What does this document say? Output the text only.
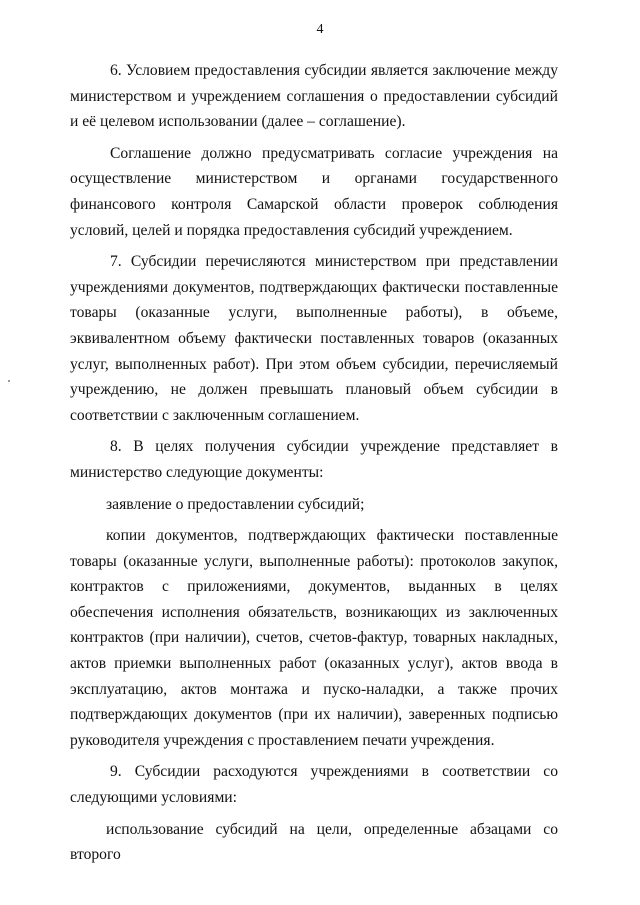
4

6. Условием предоставления субсидии является заключение между министерством и учреждением соглашения о предоставлении субсидий и её целевом использовании (далее – соглашение).

Соглашение должно предусматривать согласие учреждения на осуществление министерством и органами государственного финансового контроля Самарской области проверок соблюдения условий, целей и порядка предоставления субсидий учреждением.

7. Субсидии перечисляются министерством при представлении учреждениями документов, подтверждающих фактически поставленные товары (оказанные услуги, выполненные работы), в объеме, эквивалентном объему фактически поставленных товаров (оказанных услуг, выполненных работ). При этом объем субсидии, перечисляемый учреждению, не должен превышать плановый объем субсидии в соответствии с заключенным соглашением.

8. В целях получения субсидии учреждение представляет в министерство следующие документы:

заявление о предоставлении субсидий;

копии документов, подтверждающих фактически поставленные товары (оказанные услуги, выполненные работы): протоколов закупок, контрактов с приложениями, документов, выданных в целях обеспечения исполнения обязательств, возникающих из заключенных контрактов (при наличии), счетов, счетов-фактур, товарных накладных, актов приемки выполненных работ (оказанных услуг), актов ввода в эксплуатацию, актов монтажа и пуско-наладки, а также прочих подтверждающих документов (при их наличии), заверенных подписью руководителя учреждения с проставлением печати учреждения.

9. Субсидии расходуются учреждениями в соответствии со следующими условиями:

использование субсидий на цели, определенные абзацами со второго
